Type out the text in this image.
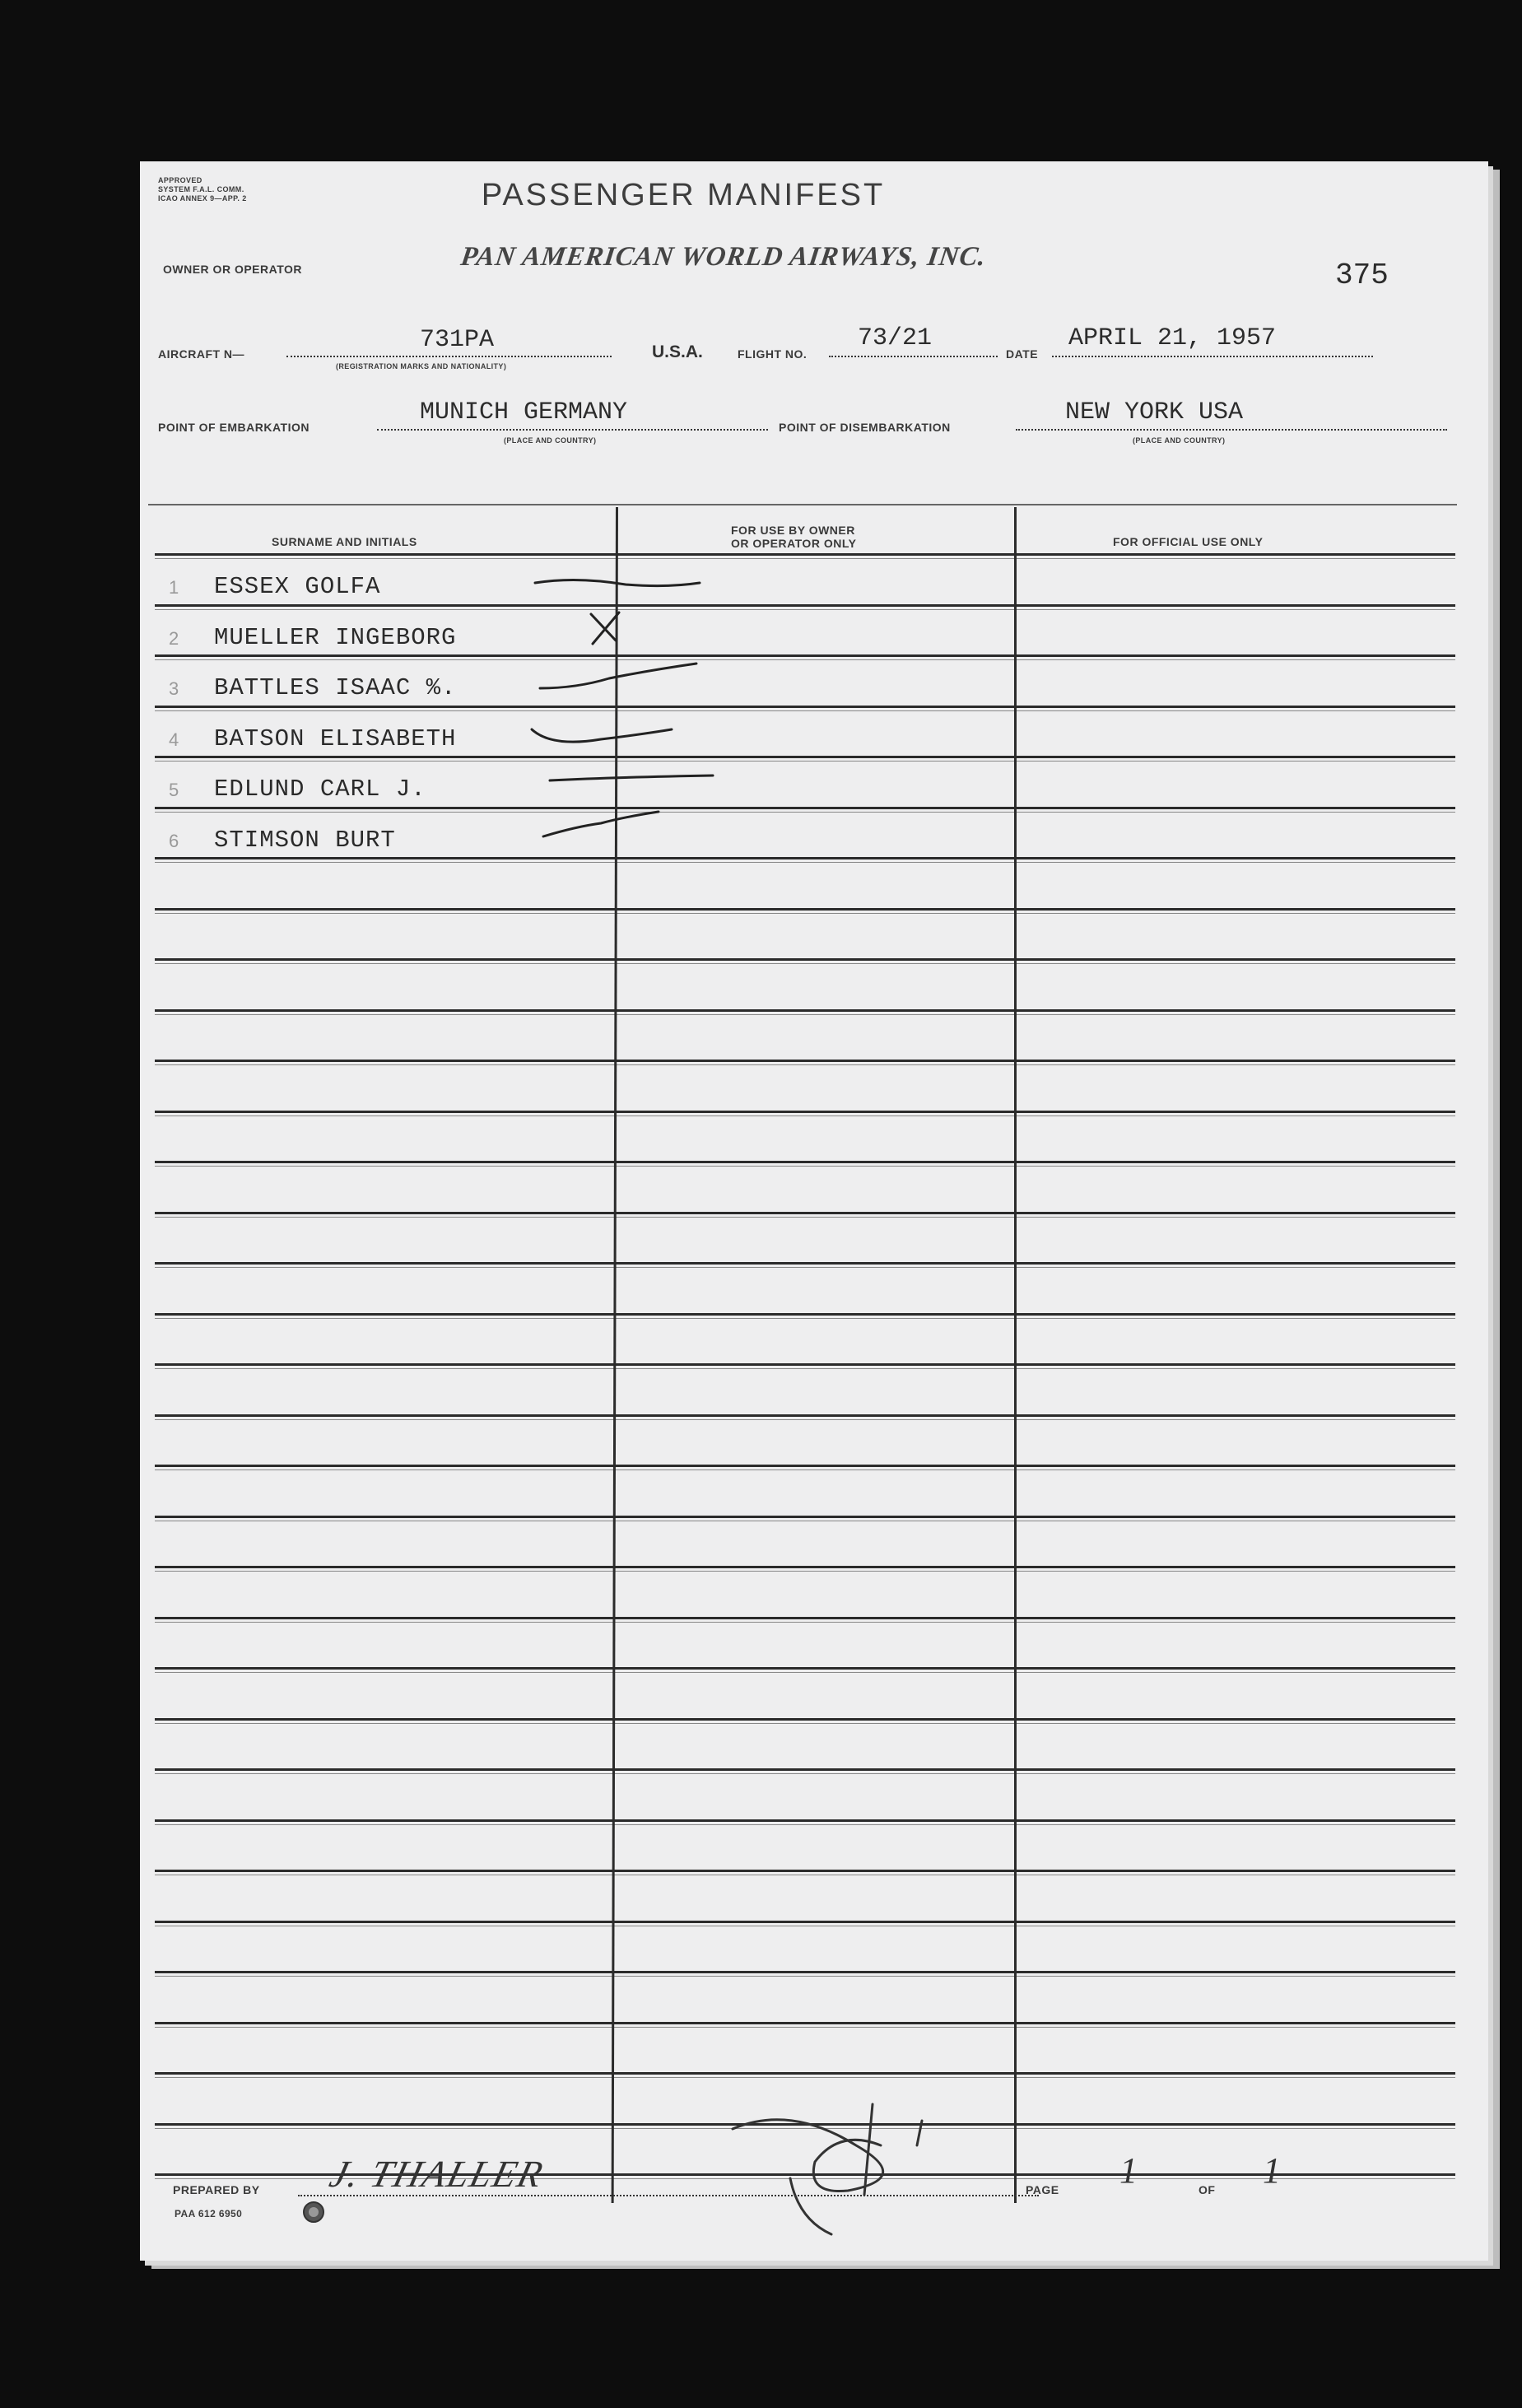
APPROVED
SYSTEM F.A.L. COMM.
ICAO ANNEX 9—APP. 2	PASSENGER MANIFEST
OWNER OR OPERATOR	PAN AMERICAN WORLD AIRWAYS, INC.
375
AIRCRAFT N—	731PA
(REGISTRATION MARKS AND NATIONALITY)
U.S.A.	FLIGHT NO.
73/21
DATE
APRIL 21, 1957
POINT OF EMBARKATION
MUNICH GERMANY
(PLACE AND COUNTRY)
POINT OF DISEMBARKATION
NEW YORK USA
(PLACE AND COUNTRY)
SURNAME AND INITIALS
FOR USE BY OWNER
OR OPERATOR ONLY	FOR OFFICIAL USE ONLY
1 ESSEX GOLFA
2 MUELLER INGEBORG
3 BATTLES ISAAC %.
4 BATSON ELISABETH
5 EDLUND CARL J.
6 STIMSON BURT
PREPARED BY J. THALLER	PAGE 1	OF 1
PAA 612 6950
